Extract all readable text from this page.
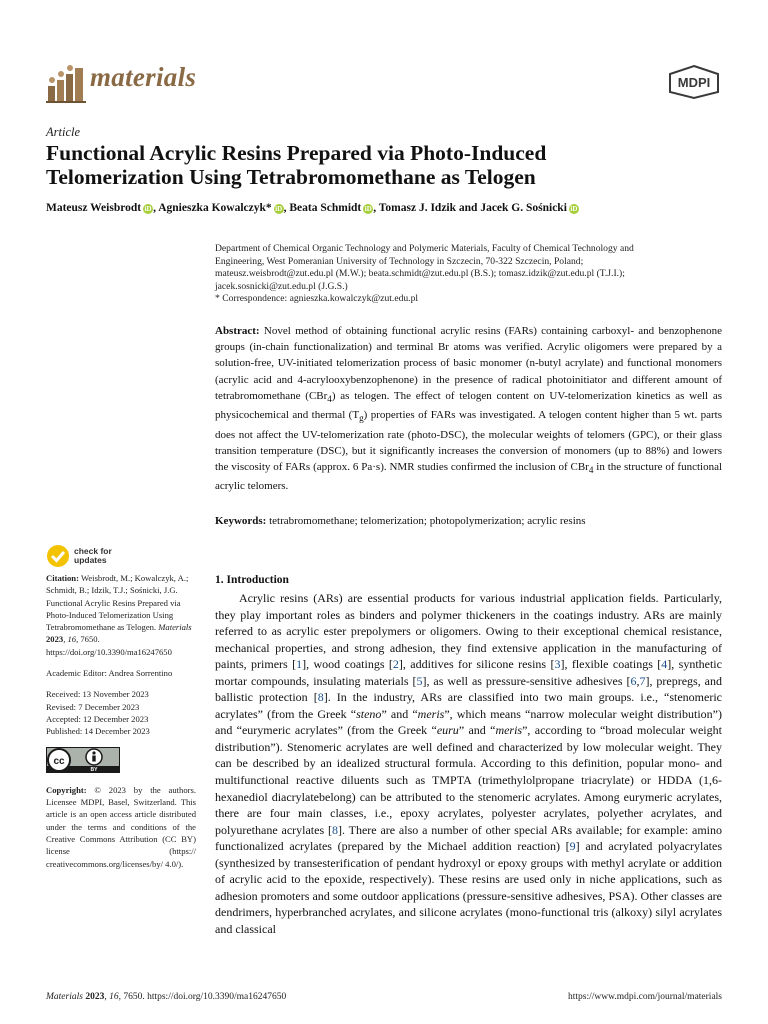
materials	MDPI
Article
Functional Acrylic Resins Prepared via Photo-Induced
Telomerization Using Tetrabromomethane as Telogen
Mateusz Weisbrodt iD , Agnieszka Kowalczyk* iD , Beata Schmidt iD , Tomasz J. Idzik and Jacek G. Sośnicki iD
Department of Chemical Organic Technology and Polymeric Materials, Faculty of Chemical Technology and
Engineering, West Pomeranian University of Technology in Szczecin, 70-322 Szczecin, Poland;
mateusz.weisbrodt@zut.edu.pl (M.W.); beata.schmidt@zut.edu.pl (B.S.); tomasz.idzik@zut.edu.pl (T.J.I.);
jacek.sosnicki@zut.edu.pl (J.G.S.)
* Correspondence: agnieszka.kowalczyk@zut.edu.pl
Abstract: Novel method of obtaining functional acrylic resins (FARs) containing carboxyl- and benzophenone groups (in-chain functionalization) and terminal Br atoms was verified. Acrylic oligomers were prepared by a solution-free, UV-initiated telomerization process of basic monomer (n-butyl acrylate) and functional monomers (acrylic acid and 4-acrylooxybenzophenone) in the presence of radical photoinitiator and different amount of tetrabromomethane (CBr$_4$) as telogen. The effect of telogen content on UV-telomerization kinetics as well as physicochemical and thermal $(T_g)$ properties of FARs was investigated. A telogen content higher than 5 wt. parts does not affect the UV-telomerization rate (photo-DSC), the molecular weights of telomers (GPC), or their glass transition temperature (DSC), but it significantly increases the conversion of monomers (up to 88%) and lowers the viscosity of FARs (approx. 6 Pa·s). NMR studies confirmed the inclusion of CBr$_4$ in the structure of functional acrylic telomers.
Keywords: tetrabromomethane; telomerization; photopolymerization; acrylic resins
check for
updates
Citation: Weisbrodt, M.; Kowalczyk, A.; Schmidt, B.; Idzik, T.J.; Sośnicki, J.G. Functional Acrylic Resins Prepared via Photo-Induced Telomerization Using Tetrabromomethane as Telogen. Materials 2023, 16, 7650. https://doi.org/10.3390/ma16247650
Academic Editor: Andrea Sorrentino
Received: 13 November 2023
Revised: 7 December 2023
Accepted: 12 December 2023
Published: 14 December 2023
cc
BY
Copyright: © 2023 by the authors. Licensee MDPI, Basel, Switzerland. This article is an open access article distributed under the terms and conditions of the Creative Commons Attribution (CC BY) license (https:// creativecommons.org/licenses/by/ 4.0/).
1. Introduction
Acrylic resins (ARs) are essential products for various industrial application fields. Particularly, they play important roles as binders and polymer thickeners in the coatings industry. ARs are mainly referred to as acrylic ester prepolymers or oligomers. Owing to their exceptional chemical resistance, mechanical properties, and strong adhesion, they find extensive application in the manufacturing of paints, primers [1], wood coatings [2], additives for silicone resins [3], flexible coatings [4], synthetic mortar compounds, insulating materials [5], as well as pressure-sensitive adhesives [6,7], prepregs, and ballistic protection [8]. In the industry, ARs are classified into two main groups. i.e., “stenomeric acrylates” (from the Greek “steno” and “meris”, which means “narrow molecular weight distribution”) and “eurymeric acrylates” (from the Greek “euru” and “meris”, according to “broad molecular weight distribution”). Stenomeric acrylates are well defined and characterized by low molecular weight. They can be described by an idealized structural formula. According to this definition, popular mono- and multifunctional reactive diluents such as TMPTA (trimethylolpropane triacrylate) or HDDA (1,6-hexanediol diacrylatebelong) can be attributed to the stenomeric acrylates. Among eurymeric acrylates, there are four main classes, i.e., epoxy acrylates, polyester acrylates, polyether acrylates, and polyurethane acrylates [8]. There are also a number of other special ARs available; for example: amino functionalized acrylates (prepared by the Michael addition reaction) [9] and acrylated polyacrylates (synthesized by transesterification of pendant hydroxyl or epoxy groups with methyl acrylate or addition of acrylic acid to the epoxide, respectively). These resins are used only in niche applications, such as adhesion promoters and some outdoor applications (pressure-sensitive adhesives, PSA). Other classes are dendrimers, hyperbranched acrylates, and silicone acrylates (mono-functional tris (alkoxy) silyl acrylates and classical
Materials 2023, 16, 7650. https://doi.org/10.3390/ma16247650	https://www.mdpi.com/journal/materials
